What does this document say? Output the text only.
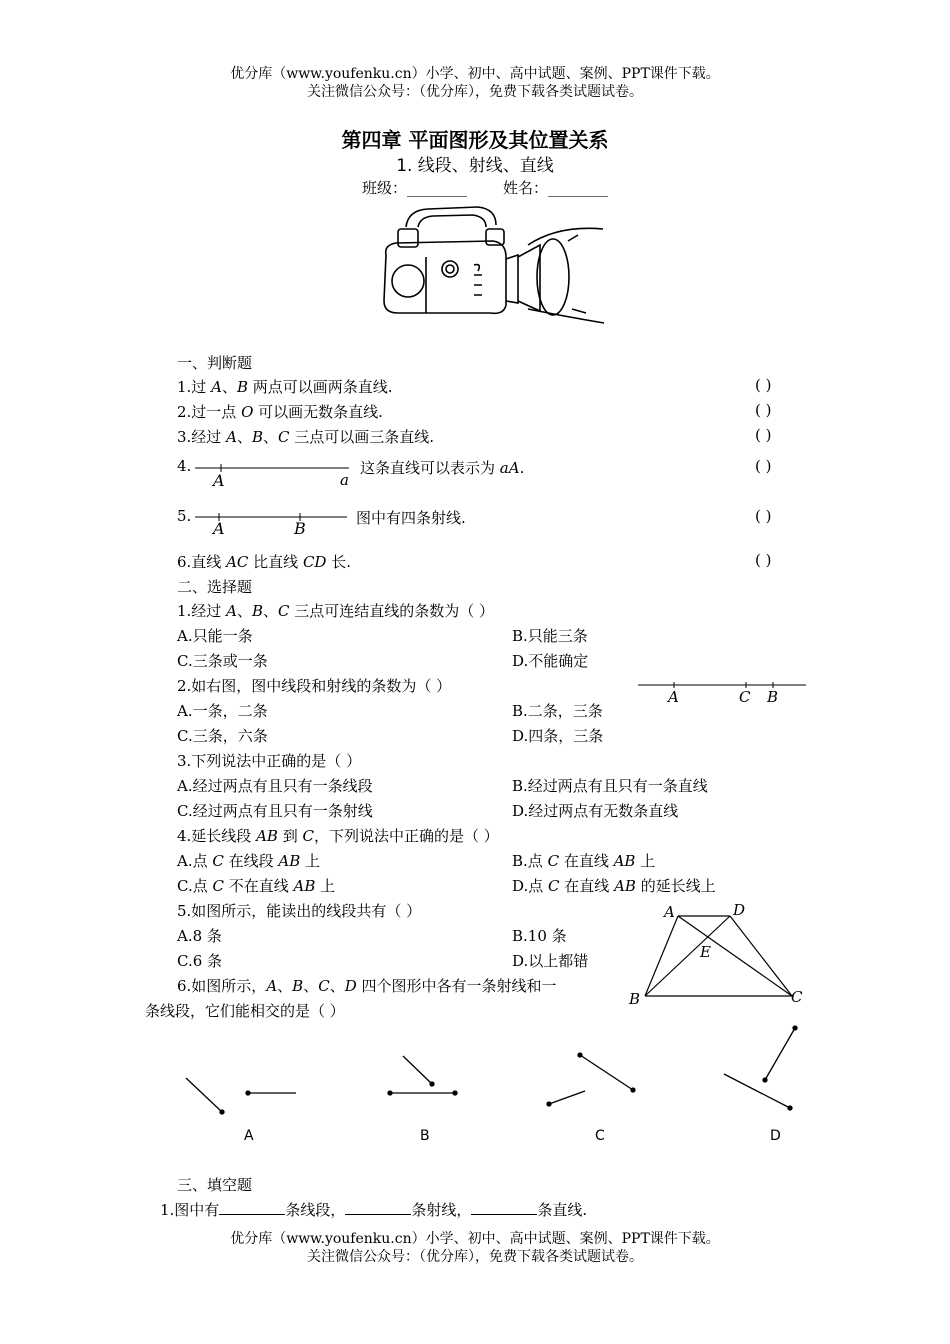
优分库（www.youfenku.cn）小学、初中、高中试题、案例、PPT课件下载。
关注微信公众号：（优分库），免费下载各类试题试卷。
第四章 平面图形及其位置关系
1. 线段、射线、直线
班级：________ 姓名：________
一、判断题
1.过 A、B 两点可以画两条直线.	( )
2.过一点 O 可以画无数条直线.	( )
3.经过 A、B、C 三点可以画三条直线.	( )
4.
A	a
这条直线可以表示为 aA.	( )
5.
A	B
图中有四条射线.	( )
6.直线 AC 比直线 CD 长.	( )
二、选择题
1.经过 A、B、C 三点可连结直线的条数为（ ）
A.只能一条	B.只能三条
C.三条或一条	D.不能确定
2.如右图，图中线段和射线的条数为（ ）
A	C B
A.一条，二条	B.二条，三条
C.三条，六条	D.四条，三条
3.下列说法中正确的是（ ）
A.经过两点有且只有一条线段	B.经过两点有且只有一条直线
C.经过两点有且只有一条射线	D.经过两点有无数条直线
4.延长线段 AB 到 C，下列说法中正确的是（ ）
A.点 C 在线段 AB 上	B.点 C 在直线 AB 上
C.点 C 不在直线 AB 上	D.点 C 在直线 AB 的延长线上
5.如图所示，能读出的线段共有（ ）
A.8 条	B.10 条
C.6 条	D.以上都错
A	D
E
B	C
6.如图所示，A、B、C、D 四个图形中各有一条射线和一
条线段，它们能相交的是（ ）
A	B	C	D
三、填空题
1.图中有	条线段，	条射线，	条直线.
优分库（www.youfenku.cn）小学、初中、高中试题、案例、PPT课件下载。
关注微信公众号：（优分库），免费下载各类试题试卷。
